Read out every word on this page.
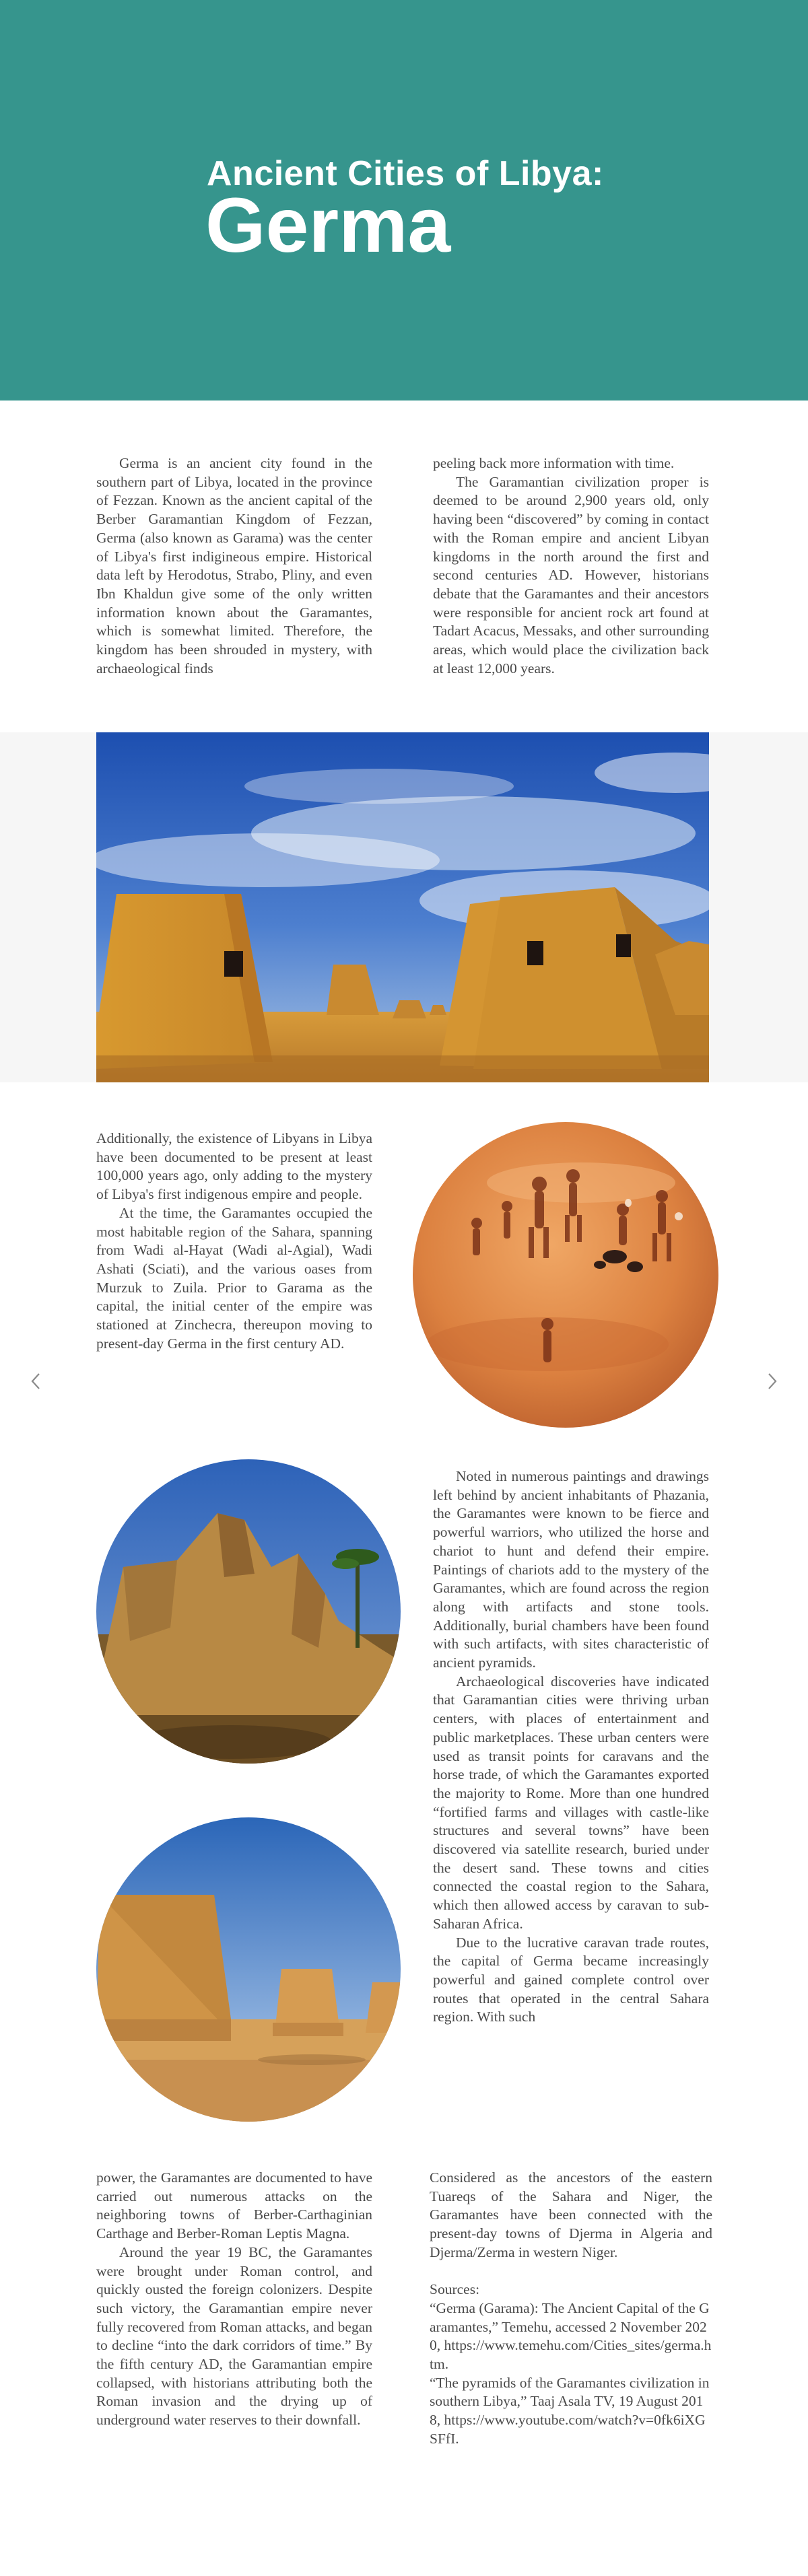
Ancient Cities of Libya:
Germa

Germa is an ancient city found in the southern part of Libya, located in the province of Fezzan. Known as the ancient capital of the Berber Garamantian Kingdom of Fezzan, Germa (also known as Garama) was the center of Libya's first indigineous empire. Historical data left by Herodotus, Strabo, Pliny, and even Ibn Khaldun give some of the only written information known about the Garamantes, which is somewhat limited. Therefore, the kingdom has been shrouded in mystery, with archaeological finds

peeling back more information with time.

The Garamantian civilization proper is deemed to be around 2,900 years old, only having been “discovered” by coming in contact with the Roman empire and ancient Libyan kingdoms in the north around the first and second centuries AD. However, historians debate that the Garamantes and their ancestors were responsible for ancient rock art found at Tadart Acacus, Messaks, and other surrounding areas, which would place the civilization back at least 12,000 years.

Additionally, the existence of Libyans in Libya have been documented to be present at least 100,000 years ago, only adding to the mystery of Libya's first indigenous empire and people.

At the time, the Garamantes occupied the most habitable region of the Sahara, spanning from Wadi al-Hayat (Wadi al-Agial), Wadi Ashati (Sciati), and the various oases from Murzuk to Zuila. Prior to Garama as the capital, the initial center of the empire was stationed at Zinchecra, thereupon moving to present-day Germa in the first century AD.

Noted in numerous paintings and drawings left behind by ancient inhabitants of Phazania, the Garamantes were known to be fierce and powerful warriors, who utilized the horse and chariot to hunt and defend their empire. Paintings of chariots add to the mystery of the Garamantes, which are found across the region along with artifacts and stone tools. Additionally, burial chambers have been found with such artifacts, with sites characteristic of ancient pyramids.

Archaeological discoveries have indicated that Garamantian cities were thriving urban centers, with places of entertainment and public marketplaces. These urban centers were used as transit points for caravans and the horse trade, of which the Garamantes exported the majority to Rome. More than one hundred “fortified farms and villages with castle-like structures and several towns” have been discovered via satellite research, buried under the desert sand. These towns and cities connected the coastal region to the Sahara, which then allowed access by caravan to sub-Saharan Africa.

Due to the lucrative caravan trade routes, the capital of Germa became increasingly powerful and gained complete control over routes that operated in the central Sahara region. With such

power, the Garamantes are documented to have carried out numerous attacks on the neighboring towns of Berber-Carthaginian Carthage and Berber-Roman Leptis Magna.

Around the year 19 BC, the Garamantes were brought under Roman control, and quickly ousted the foreign colonizers. Despite such victory, the Garamantian empire never fully recovered from Roman attacks, and began to decline “into the dark corridors of time.” By the fifth century AD, the Garamantian empire collapsed, with historians attributing both the Roman invasion and the drying up of underground water reserves to their downfall.

Considered as the ancestors of the eastern Tuareqs of the Sahara and Niger, the Garamantes have been connected with the present-day towns of Djerma in Algeria and Djerma/Zerma in western Niger.

Sources:

“Germa (Garama): The Ancient Capital of the Garamantes,” Temehu, accessed 2 November 2020, https://www.temehu.com/Cities_sites/germa.htm.

“The pyramids of the Garamantes civilization in southern Libya,” Taaj Asala TV, 19 August 2018, https://www.youtube.com/watch?v=0fk6iXGSFfI.
